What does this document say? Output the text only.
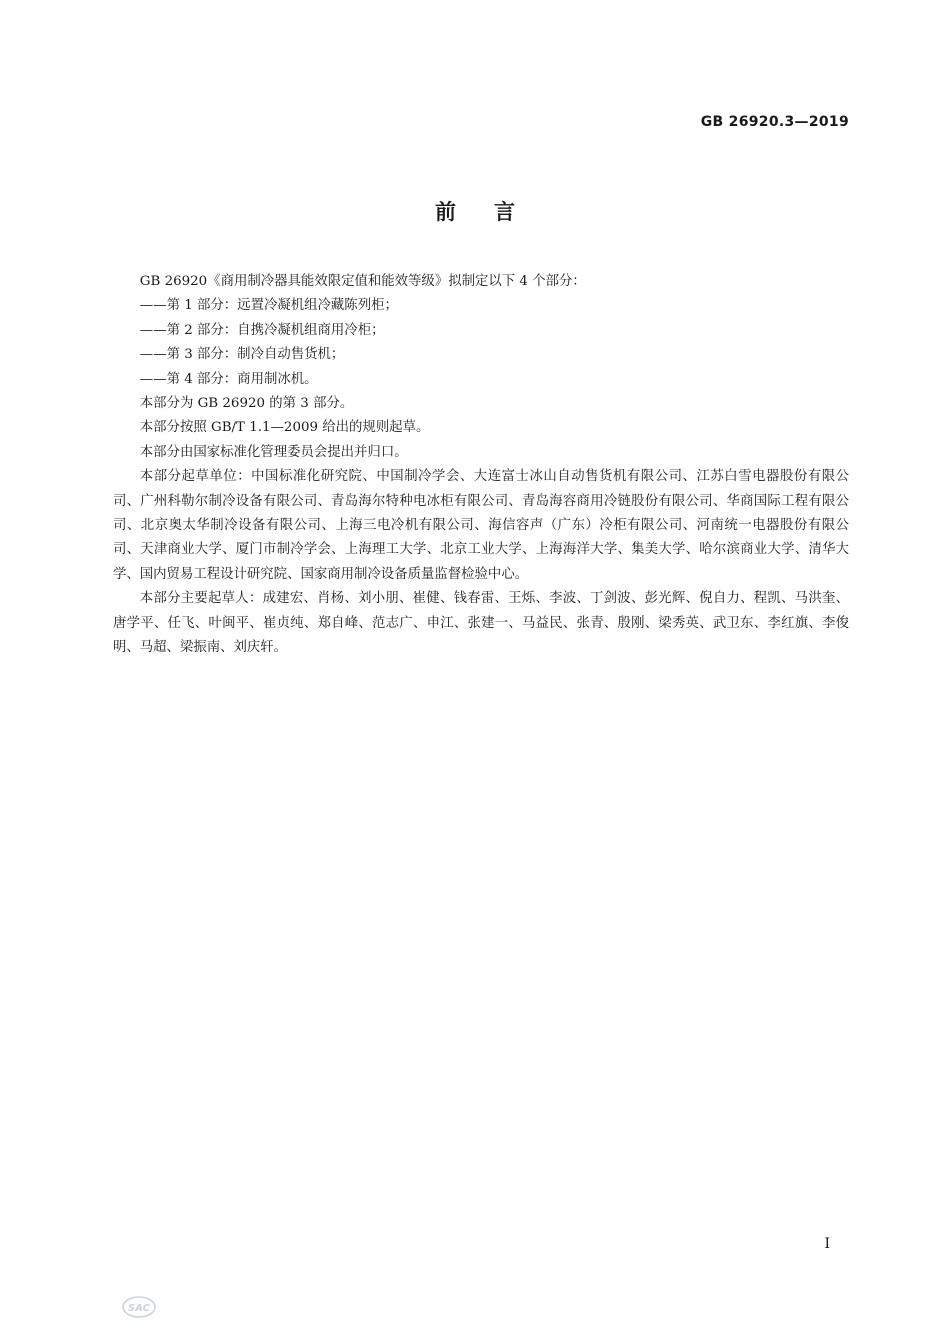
GB 26920.3—2019
前言

GB 26920《商用制冷器具能效限定值和能效等级》拟制定以下 4 个部分：

——第 1 部分：远置冷凝机组冷藏陈列柜；
——第 2 部分：自携冷凝机组商用冷柜；
——第 3 部分：制冷自动售货机；
——第 4 部分：商用制冰机。

本部分为 GB 26920 的第 3 部分。

本部分按照 GB/T 1.1—2009 给出的规则起草。

本部分由国家标准化管理委员会提出并归口。

本部分起草单位：中国标准化研究院、中国制冷学会、大连富士冰山自动售货机有限公司、江苏白雪电器股份有限公司、广州科勒尔制冷设备有限公司、青岛海尔特种电冰柜有限公司、青岛海容商用冷链股份有限公司、华商国际工程有限公司、北京奥太华制冷设备有限公司、上海三电冷机有限公司、海信容声（广东）冷柜有限公司、河南统一电器股份有限公司、天津商业大学、厦门市制冷学会、上海理工大学、北京工业大学、上海海洋大学、集美大学、哈尔滨商业大学、清华大学、国内贸易工程设计研究院、国家商用制冷设备质量监督检验中心。

本部分主要起草人：成建宏、肖杨、刘小朋、崔健、钱春雷、王烁、李波、丁剑波、彭光辉、倪自力、程凯、马洪奎、唐学平、任飞、叶闽平、崔贞纯、郑自峰、范志广、申江、张建一、马益民、张青、殷刚、梁秀英、武卫东、李红旗、李俊明、马超、梁振南、刘庆轩。

I
SAC
